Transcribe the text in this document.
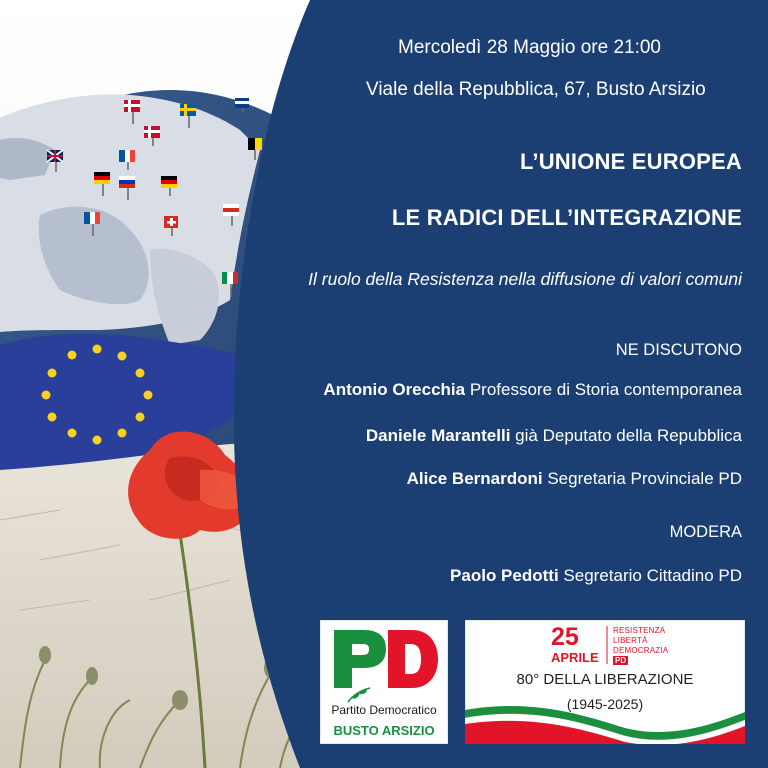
Mercoledì 28 Maggio ore 21:00
Viale della Repubblica, 67, Busto Arsizio
L’UNIONE EUROPEA
LE RADICI DELL’INTEGRAZIONE
Il ruolo della Resistenza nella diffusione di valori comuni
NE DISCUTONO
Antonio Orecchia Professore di Storia contemporanea
Daniele Marantelli già Deputato della Repubblica
Alice Bernardoni Segretaria Provinciale PD
MODERA
Paolo Pedotti Segretario Cittadino PD
Partito Democratico
BUSTO ARSIZIO
25
APRILE
RESISTENZA
LIBERTÀ
DEMOCRAZIA
PD
80° DELLA LIBERAZIONE
(1945-2025)
